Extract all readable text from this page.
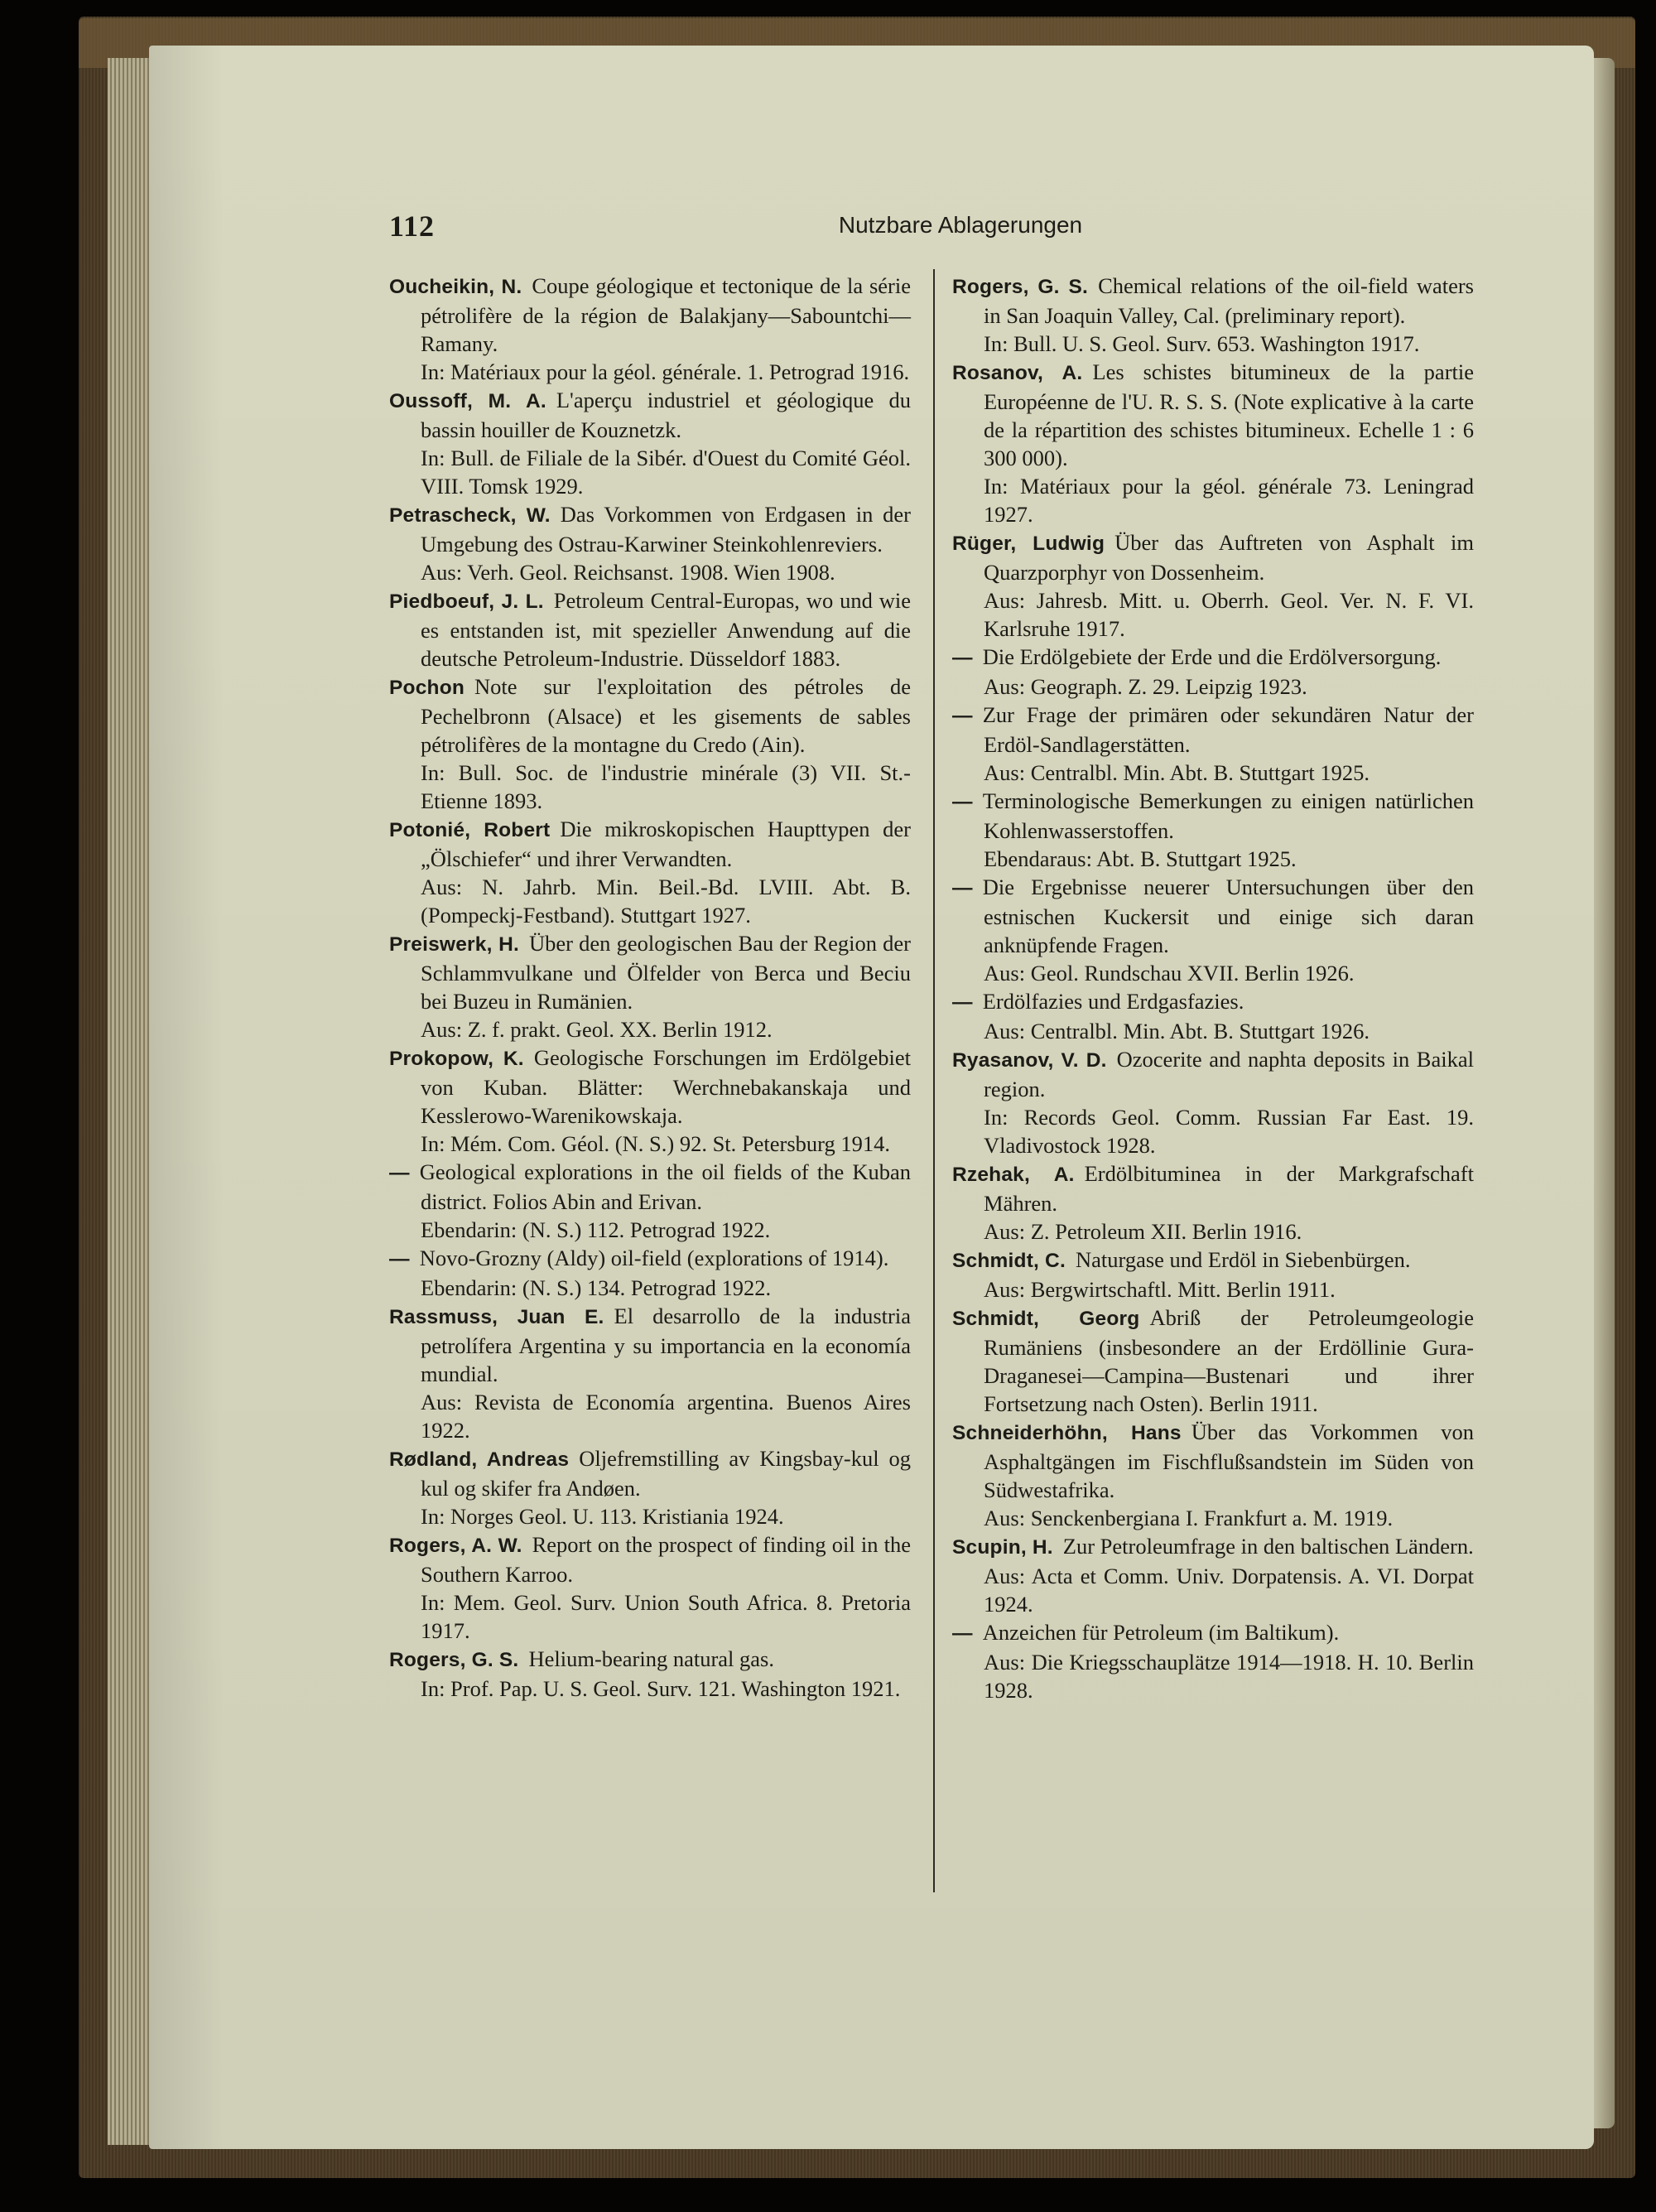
112	Nutzbare Ablagerungen
Oucheikin, N. Coupe géologique et tectonique de la série pétrolifère de la région de Balakjany—Sabountchi—Ramany.
In: Matériaux pour la géol. générale. 1. Petrograd 1916.
Oussoff, M. A. L'aperçu industriel et géologique du bassin houiller de Kouznetzk.
In: Bull. de Filiale de la Sibér. d'Ouest du Comité Géol. VIII. Tomsk 1929.
Petrascheck, W. Das Vorkommen von Erdgasen in der Umgebung des Ostrau-Karwiner Steinkohlenreviers.
Aus: Verh. Geol. Reichsanst. 1908. Wien 1908.
Piedboeuf, J. L. Petroleum Central-Europas, wo und wie es entstanden ist, mit spezieller Anwendung auf die deutsche Petroleum-Industrie. Düsseldorf 1883.
Pochon Note sur l'exploitation des pétroles de Pechelbronn (Alsace) et les gisements de sables pétrolifères de la montagne du Credo (Ain).
In: Bull. Soc. de l'industrie minérale (3) VII. St.-Etienne 1893.
Potonié, Robert Die mikroskopischen Haupttypen der „Ölschiefer“ und ihrer Verwandten.
Aus: N. Jahrb. Min. Beil.-Bd. LVIII. Abt. B. (Pompeckj-Festband). Stuttgart 1927.
Preiswerk, H. Über den geologischen Bau der Region der Schlammvulkane und Ölfelder von Berca und Beciu bei Buzeu in Rumänien.
Aus: Z. f. prakt. Geol. XX. Berlin 1912.
Prokopow, K. Geologische Forschungen im Erdölgebiet von Kuban. Blätter: Werchnebakanskaja und Kesslerowo-Warenikowskaja.
In: Mém. Com. Géol. (N. S.) 92. St. Petersburg 1914.
— Geological explorations in the oil fields of the Kuban district. Folios Abin and Erivan.
Ebendarin: (N. S.) 112. Petrograd 1922.
— Novo-Grozny (Aldy) oil-field (explorations of 1914).
Ebendarin: (N. S.) 134. Petrograd 1922.
Rassmuss, Juan E. El desarrollo de la industria petrolífera Argentina y su importancia en la economía mundial.
Aus: Revista de Economía argentina. Buenos Aires 1922.
Rødland, Andreas Oljefremstilling av Kingsbay-kul og kul og skifer fra Andøen.
In: Norges Geol. U. 113. Kristiania 1924.
Rogers, A. W. Report on the prospect of finding oil in the Southern Karroo.
In: Mem. Geol. Surv. Union South Africa. 8. Pretoria 1917.
Rogers, G. S. Helium-bearing natural gas.
In: Prof. Pap. U. S. Geol. Surv. 121. Washington 1921.
Rogers, G. S. Chemical relations of the oil-field waters in San Joaquin Valley, Cal. (preliminary report).
In: Bull. U. S. Geol. Surv. 653. Washington 1917.
Rosanov, A. Les schistes bitumineux de la partie Européenne de l'U. R. S. S. (Note explicative à la carte de la répartition des schistes bitumineux. Echelle 1 : 6 300 000).
In: Matériaux pour la géol. générale 73. Leningrad 1927.
Rüger, Ludwig Über das Auftreten von Asphalt im Quarzporphyr von Dossenheim.
Aus: Jahresb. Mitt. u. Oberrh. Geol. Ver. N. F. VI. Karlsruhe 1917.
— Die Erdölgebiete der Erde und die Erdölversorgung.
Aus: Geograph. Z. 29. Leipzig 1923.
— Zur Frage der primären oder sekundären Natur der Erdöl-Sandlagerstätten.
Aus: Centralbl. Min. Abt. B. Stuttgart 1925.
— Terminologische Bemerkungen zu einigen natürlichen Kohlenwasserstoffen.
Ebendaraus: Abt. B. Stuttgart 1925.
— Die Ergebnisse neuerer Untersuchungen über den estnischen Kuckersit und einige sich daran anknüpfende Fragen.
Aus: Geol. Rundschau XVII. Berlin 1926.
— Erdölfazies und Erdgasfazies.
Aus: Centralbl. Min. Abt. B. Stuttgart 1926.
Ryasanov, V. D. Ozocerite and naphta deposits in Baikal region.
In: Records Geol. Comm. Russian Far East. 19. Vladivostock 1928.
Rzehak, A. Erdölbituminea in der Markgrafschaft Mähren.
Aus: Z. Petroleum XII. Berlin 1916.
Schmidt, C. Naturgase und Erdöl in Siebenbürgen.
Aus: Bergwirtschaftl. Mitt. Berlin 1911.
Schmidt, Georg Abriß der Petroleumgeologie Rumäniens (insbesondere an der Erdöllinie Gura-Draganesei—Campina—Bustenari und ihrer Fortsetzung nach Osten). Berlin 1911.
Schneiderhöhn, Hans Über das Vorkommen von Asphaltgängen im Fischflußsandstein im Süden von Südwestafrika.
Aus: Senckenbergiana I. Frankfurt a. M. 1919.
Scupin, H. Zur Petroleumfrage in den baltischen Ländern.
Aus: Acta et Comm. Univ. Dorpatensis. A. VI. Dorpat 1924.
— Anzeichen für Petroleum (im Baltikum).
Aus: Die Kriegsschauplätze 1914—1918. H. 10. Berlin 1928.
